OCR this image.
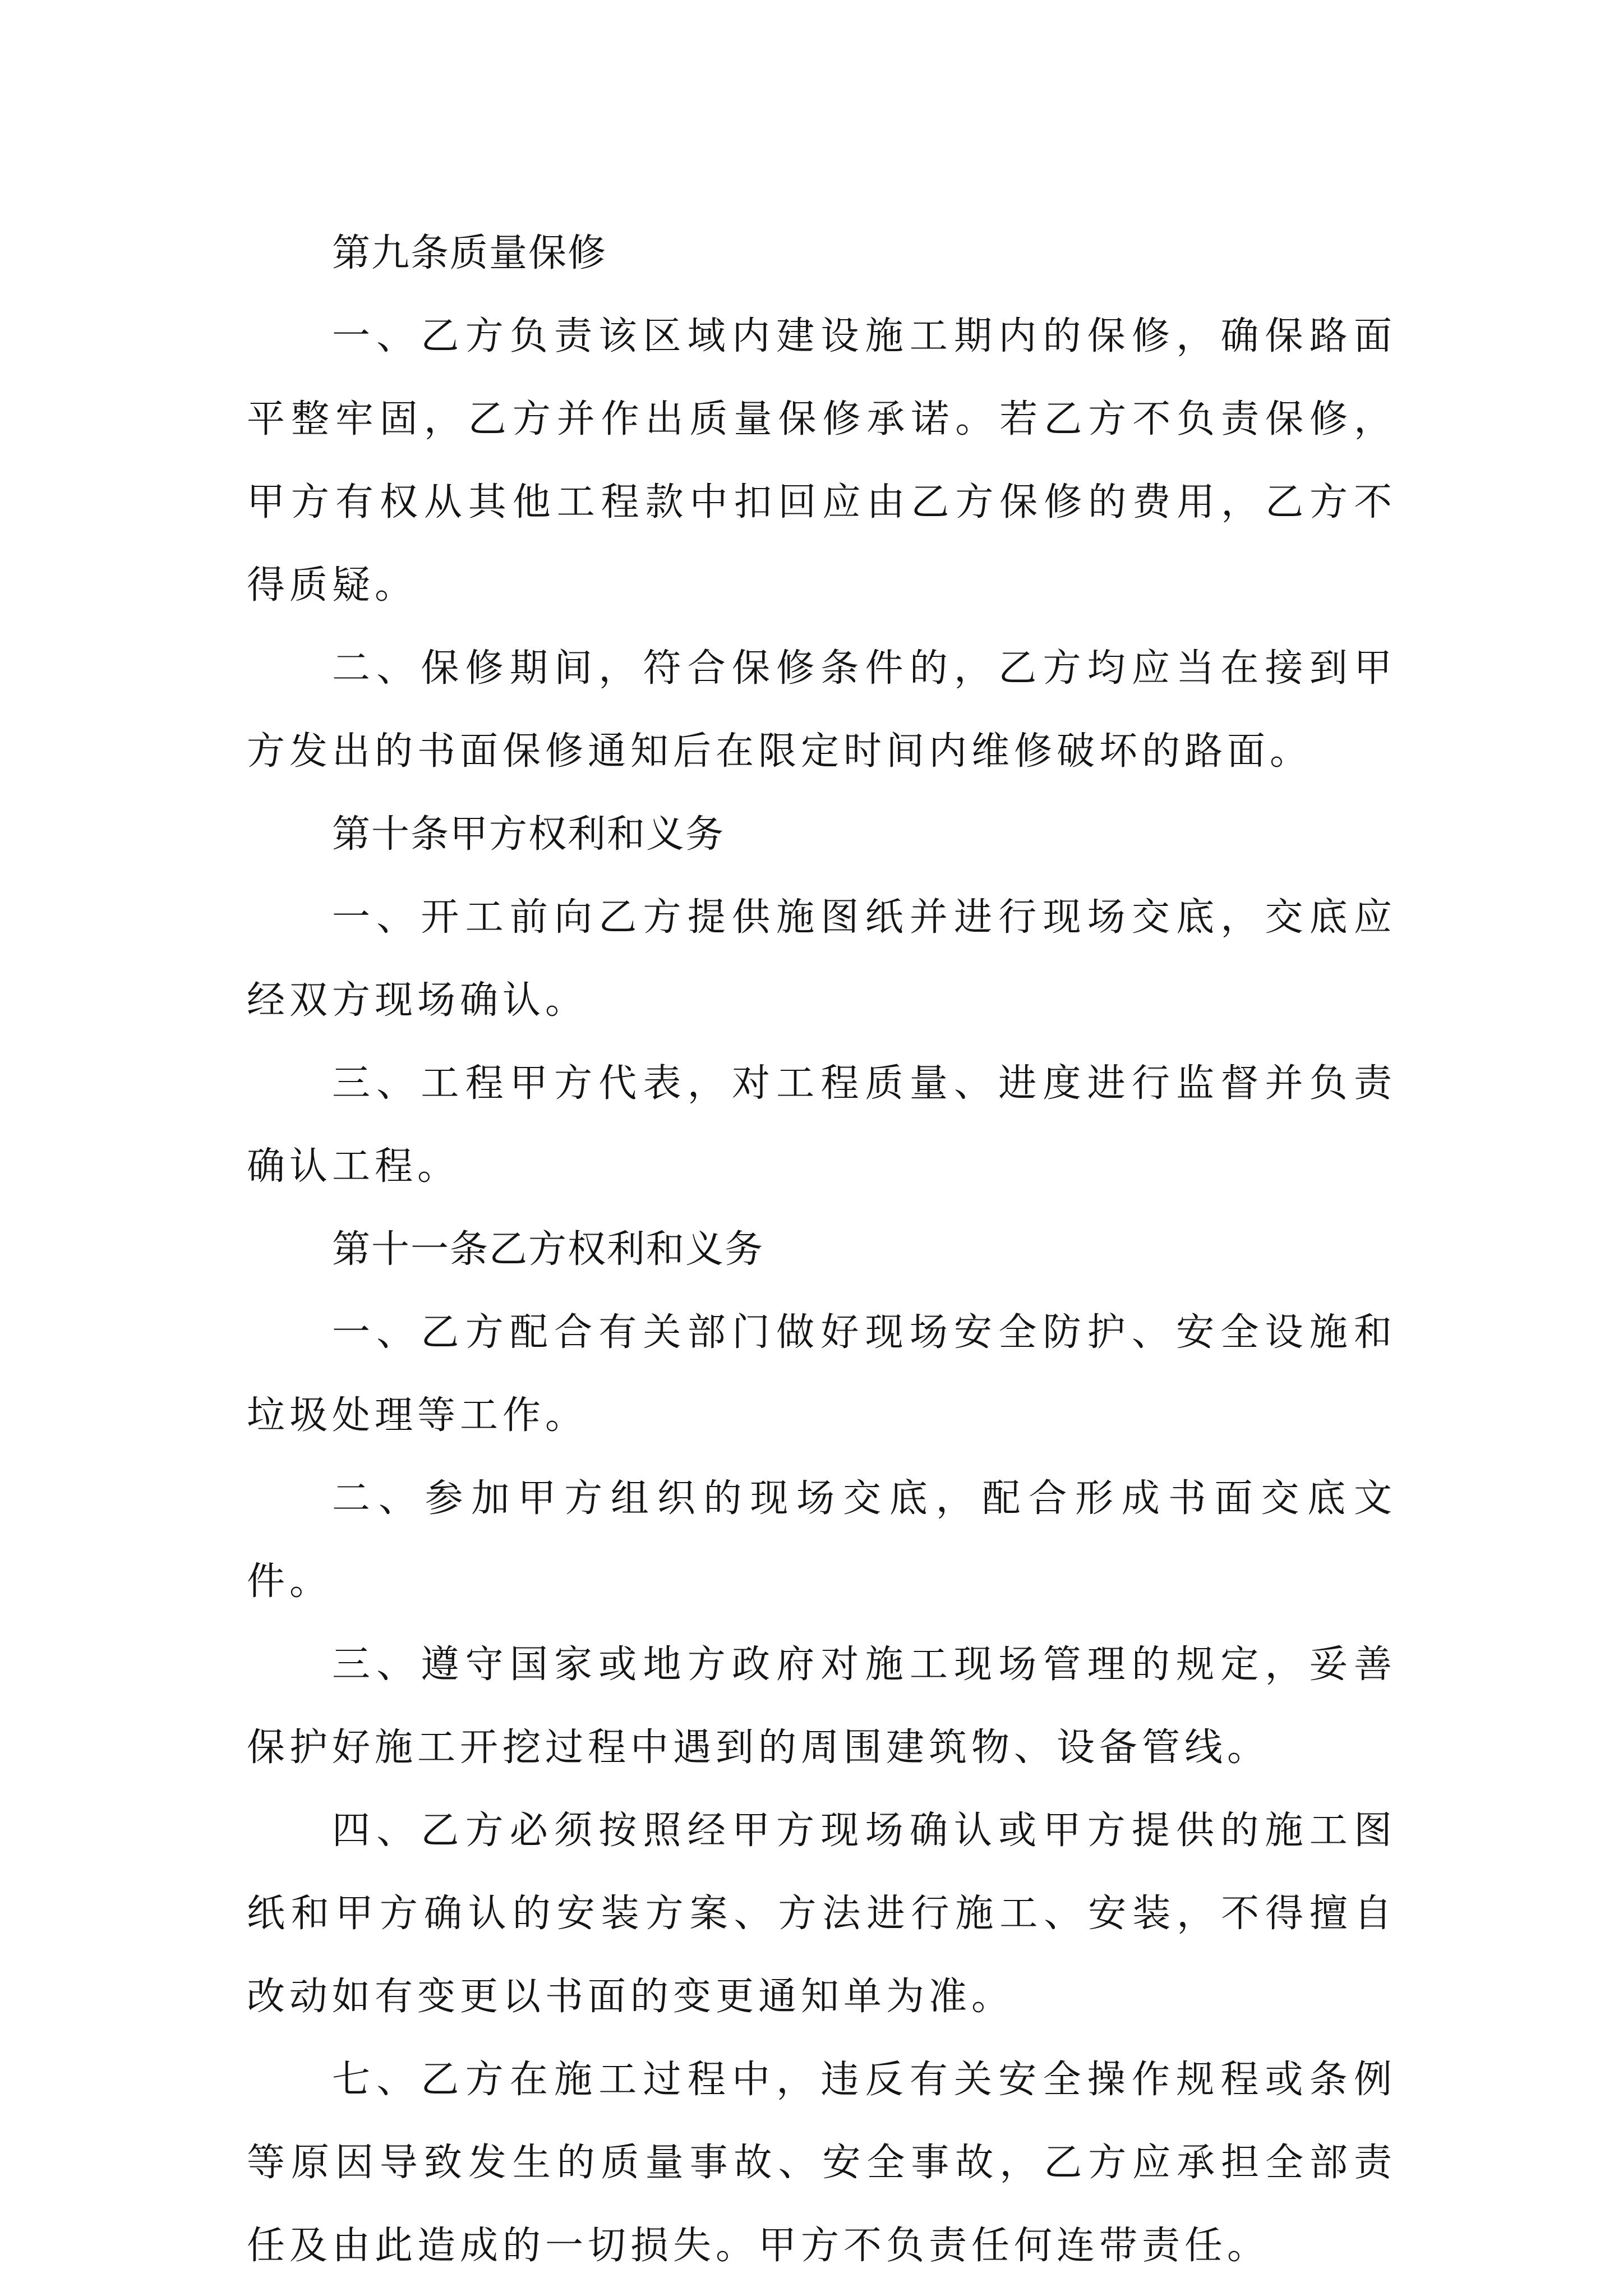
第九条质量保修

一、乙方负责该区域内建设施工期内的保修，确保路面平整牢固，乙方并作出质量保修承诺。若乙方不负责保修，甲方有权从其他工程款中扣回应由乙方保修的费用，乙方不得质疑。

二、保修期间，符合保修条件的，乙方均应当在接到甲方发出的书面保修通知后在限定时间内维修破坏的路面。

第十条甲方权利和义务

一、开工前向乙方提供施图纸并进行现场交底，交底应经双方现场确认。

三、工程甲方代表，对工程质量、进度进行监督并负责确认工程。

第十一条乙方权利和义务

一、乙方配合有关部门做好现场安全防护、安全设施和垃圾处理等工作。

二、参加甲方组织的现场交底，配合形成书面交底文件。

三、遵守国家或地方政府对施工现场管理的规定，妥善保护好施工开挖过程中遇到的周围建筑物、设备管线。

四、乙方必须按照经甲方现场确认或甲方提供的施工图纸和甲方确认的安装方案、方法进行施工、安装，不得擅自改动如有变更以书面的变更通知单为准。

七、乙方在施工过程中，违反有关安全操作规程或条例等原因导致发生的质量事故、安全事故，乙方应承担全部责任及由此造成的一切损失。甲方不负责任何连带责任。
